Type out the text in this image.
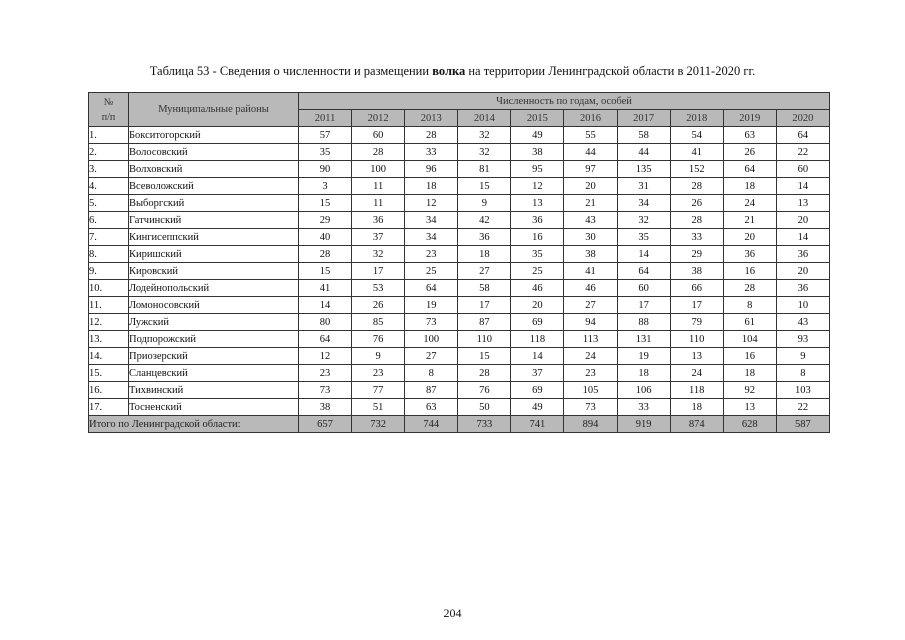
Таблица 53 - Сведения о численности и размещении волка на территории Ленинградской области в 2011-2020 гг.
№
п/п	Муниципальные районы	Численность по годам, особей									
		2011	2012	2013	2014	2015	2016	2017	2018	2019	2020
1.	Бокситогорский	57	60	28	32	49	55	58	54	63	64
2.	Волосовский	35	28	33	32	38	44	44	41	26	22
3.	Волховский	90	100	96	81	95	97	135	152	64	60
4.	Всеволожский	3	11	18	15	12	20	31	28	18	14
5.	Выборгский	15	11	12	9	13	21	34	26	24	13
6.	Гатчинский	29	36	34	42	36	43	32	28	21	20
7.	Кингисеппский	40	37	34	36	16	30	35	33	20	14
8.	Киришский	28	32	23	18	35	38	14	29	36	36
9.	Кировский	15	17	25	27	25	41	64	38	16	20
10.	Лодейнопольский	41	53	64	58	46	46	60	66	28	36
11.	Ломоносовский	14	26	19	17	20	27	17	17	8	10
12.	Лужский	80	85	73	87	69	94	88	79	61	43
13.	Подпорожский	64	76	100	110	118	113	131	110	104	93
14.	Приозерский	12	9	27	15	14	24	19	13	16	9
15.	Сланцевский	23	23	8	28	37	23	18	24	18	8
16.	Тихвинский	73	77	87	76	69	105	106	118	92	103
17.	Тосненский	38	51	63	50	49	73	33	18	13	22
Итого по Ленинградской области:		657	732	744	733	741	894	919	874	628	587
204
